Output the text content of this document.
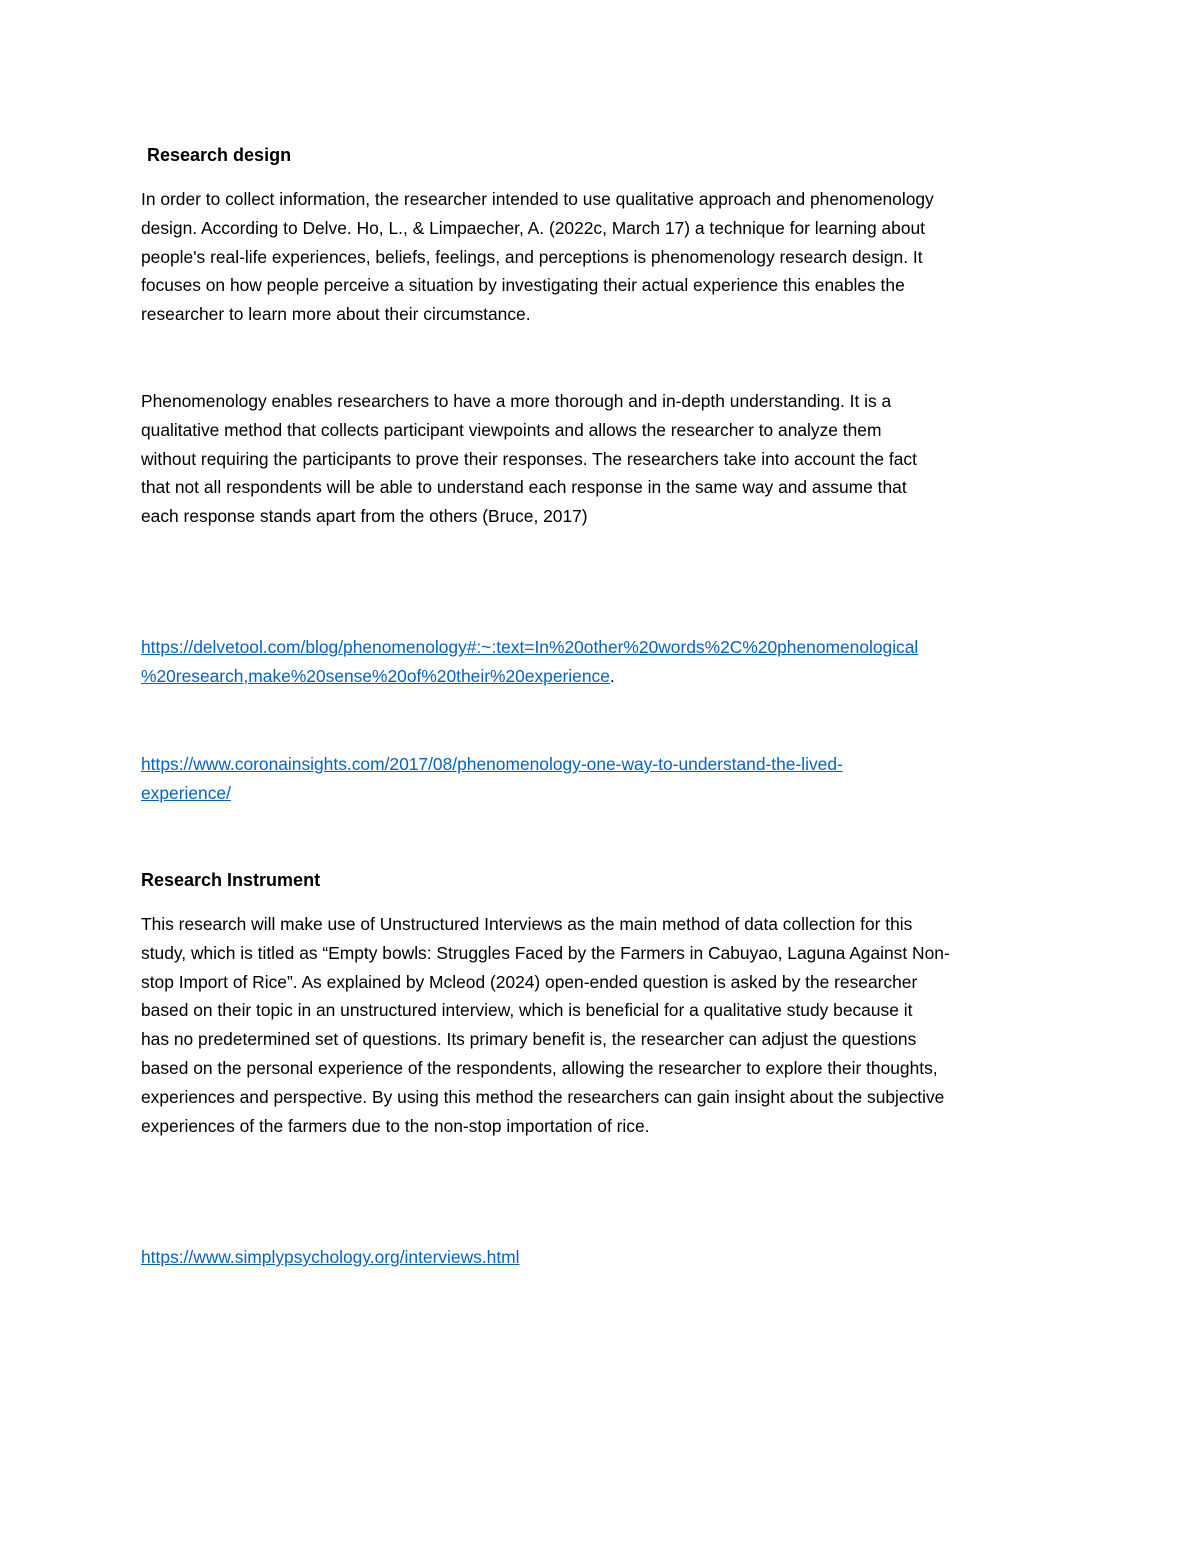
Research design
In order to collect information, the researcher intended to use qualitative approach and phenomenology
design. According to Delve. Ho, L., & Limpaecher, A. (2022c, March 17) a technique for learning about
people's real-life experiences, beliefs, feelings, and perceptions is phenomenology research design. It
focuses on how people perceive a situation by investigating their actual experience this enables the
researcher to learn more about their circumstance.
Phenomenology enables researchers to have a more thorough and in-depth understanding. It is a
qualitative method that collects participant viewpoints and allows the researcher to analyze them
without requiring the participants to prove their responses. The researchers take into account the fact
that not all respondents will be able to understand each response in the same way and assume that
each response stands apart from the others (Bruce, 2017)
https://delvetool.com/blog/phenomenology#:~:text=In%20other%20words%2C%20phenomenological
%20research,make%20sense%20of%20their%20experience.
https://www.coronainsights.com/2017/08/phenomenology-one-way-to-understand-the-lived-
experience/
Research Instrument
This research will make use of Unstructured Interviews as the main method of data collection for this
study, which is titled as “Empty bowls: Struggles Faced by the Farmers in Cabuyao, Laguna Against Non-
stop Import of Rice”. As explained by Mcleod (2024) open-ended question is asked by the researcher
based on their topic in an unstructured interview, which is beneficial for a qualitative study because it
has no predetermined set of questions. Its primary benefit is, the researcher can adjust the questions
based on the personal experience of the respondents, allowing the researcher to explore their thoughts,
experiences and perspective. By using this method the researchers can gain insight about the subjective
experiences of the farmers due to the non-stop importation of rice.
https://www.simplypsychology.org/interviews.html
